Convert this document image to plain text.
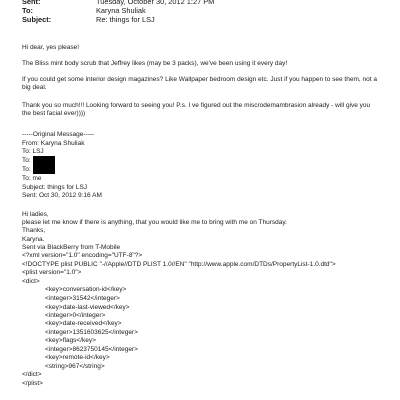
Sent:	Tuesday, October 30, 2012 1:27 PM
To:	Karyna Shuliak
Subject:	Re: things for LSJ
Hi dear, yes please!
The Bliss mint body scrub that Jeffrey likes (may be 3 packs), we've been using it every day!
If you could get some interior design magazines? Like Wallpaper bedroom design etc. Just if you happen to see them, not a big deal.
Thank you so much!!! Looking forward to seeing you! P.s. I ve figured out the miscrodemambrasion already - will give you the best facial ever))))
-----Original Message-----
From: Karyna Shuliak
To: LSJ
To:
To:
To: me
Subject: things for LSJ
Sent: Oct 30, 2012 9:16 AM
Hi ladies,
please let me know if there is anything, that you would like me to bring with me on Thursday.
Thanks,
Karyna.
Sent via BlackBerry from T-Mobile
<?xml version="1.0" encoding="UTF-8"?>
<!DOCTYPE plist PUBLIC "-//Apple//DTD PLIST 1.0//EN" "http://www.apple.com/DTDs/PropertyList-1.0.dtd">
<plist version="1.0">
<dict>
<key>conversation-id</key>
<integer>31542</integer>
<key>date-last-viewed</key>
<integer>0</integer>
<key>date-received</key>
<integer>1351603625</integer>
<key>flags</key>
<integer>8623750145</integer>
<key>remote-id</key>
<string>967</string>
</dict>
</plist>
